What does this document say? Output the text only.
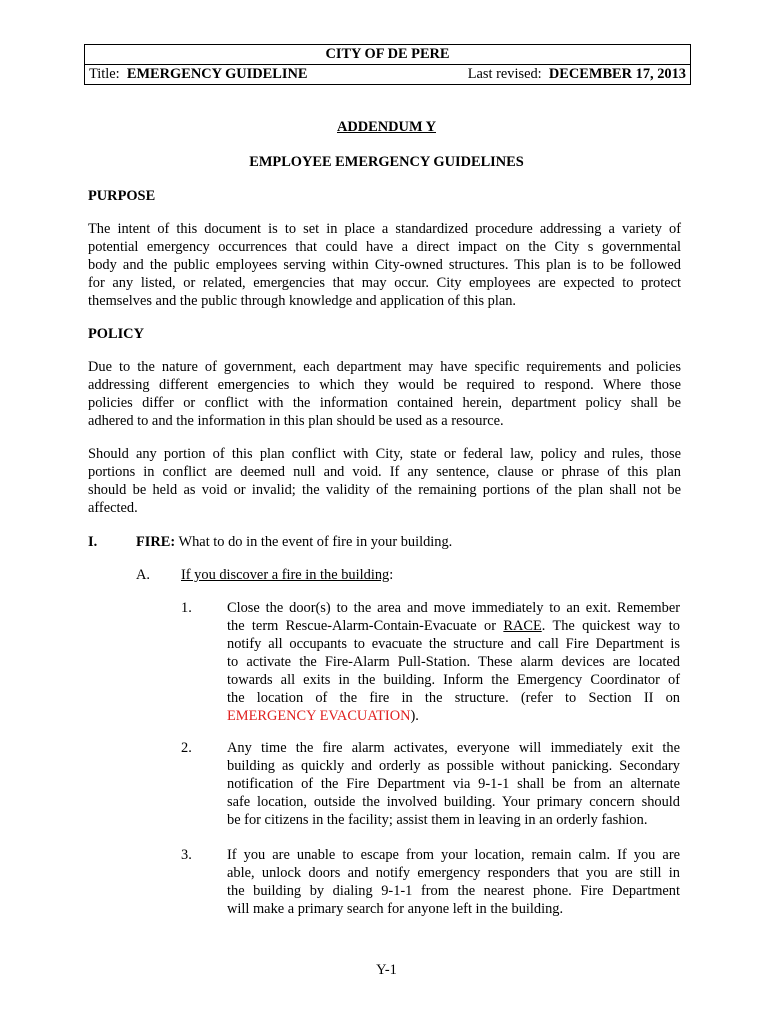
CITY OF DE PERE
Title: EMERGENCY GUIDELINE	Last revised: DECEMBER 17, 2013
ADDENDUM Y
EMPLOYEE EMERGENCY GUIDELINES
PURPOSE
The intent of this document is to set in place a standardized procedure addressing a variety of
potential emergency occurrences that could have a direct impact on the City s governmental
body and the public employees serving within City-owned structures. This plan is to be followed
for any listed, or related, emergencies that may occur. City employees are expected to protect
themselves and the public through knowledge and application of this plan.
POLICY
Due to the nature of government, each department may have specific requirements and policies
addressing different emergencies to which they would be required to respond. Where those
policies differ or conflict with the information contained herein, department policy shall be
adhered to and the information in this plan should be used as a resource.
Should any portion of this plan conflict with City, state or federal law, policy and rules, those
portions in conflict are deemed null and void. If any sentence, clause or phrase of this plan
should be held as void or invalid; the validity of the remaining portions of the plan shall not be
affected.
I.	FIRE: What to do in the event of fire in your building.
A. If you discover a fire in the building:
1. Close the door(s) to the area and move immediately to an exit. Remember
the term Rescue-Alarm-Contain-Evacuate or RACE. The quickest way to
notify all occupants to evacuate the structure and call Fire Department is
to activate the Fire-Alarm Pull-Station. These alarm devices are located
towards all exits in the building. Inform the Emergency Coordinator of
the location of the fire in the structure. (refer to Section II on
EMERGENCY EVACUATION).
2. Any time the fire alarm activates, everyone will immediately exit the
building as quickly and orderly as possible without panicking. Secondary
notification of the Fire Department via 9-1-1 shall be from an alternate
safe location, outside the involved building. Your primary concern should
be for citizens in the facility; assist them in leaving in an orderly fashion.
3. If you are unable to escape from your location, remain calm. If you are
able, unlock doors and notify emergency responders that you are still in
the building by dialing 9-1-1 from the nearest phone. Fire Department
will make a primary search for anyone left in the building.
Y-1
